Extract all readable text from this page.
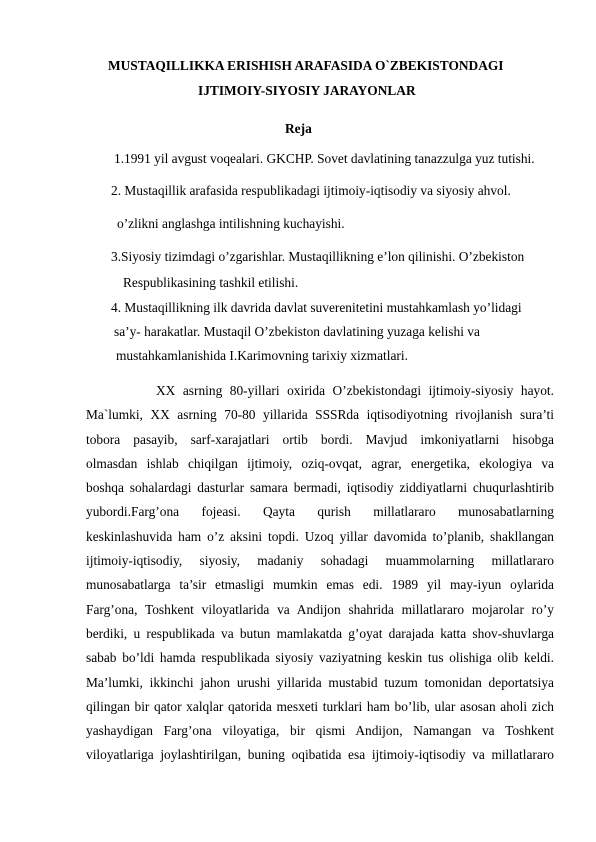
MUSTAQILLIKKA ERISHISH ARAFASIDA O`ZBEKISTONDAGI
IJTIMOIY-SIYOSIY JARAYONLAR
Reja
1.1991 yil avgust voqealari. GKCHP. Sovet davlatining tanazzulga yuz tutishi.
2. Mustaqillik arafasida respublikadagi ijtimoiy-iqtisodiy va siyosiy ahvol.
o’zlikni anglashga intilishning kuchayishi.
3.Siyosiy tizimdagi o’zgarishlar. Mustaqillikning e’lon qilinishi. O’zbekiston
Respublikasining tashkil etilishi.
4. Mustaqillikning ilk davrida davlat suverenitetini mustahkamlash yo’lidagi
sa’y- harakatlar. Mustaqil O’zbekiston davlatining yuzaga kelishi va
mustahkamlanishida I.Karimovning tarixiy xizmatlari.
XX asrning 80-yillari oxirida O’zbekistondagi ijtimoiy-siyosiy hayot.
Ma`lumki, XX asrning 70-80 yillarida SSSRda iqtisodiyotning rivojlanish sura’ti
tobora pasayib, sarf-xarajatlari ortib bordi. Mavjud imkoniyatlarni hisobga
olmasdan ishlab chiqilgan ijtimoiy, oziq-ovqat, agrar, energetika, ekologiya va
boshqa sohalardagi dasturlar samara bermadi, iqtisodiy ziddiyatlarni chuqurlashtirib
yubordi.Farg’ona fojeasi. Qayta qurish millatlararo munosabatlarning
keskinlashuvida ham o’z aksini topdi. Uzoq yillar davomida to’planib, shakllangan
ijtimoiy-iqtisodiy, siyosiy, madaniy sohadagi muammolarning millatlararo
munosabatlarga ta’sir etmasligi mumkin emas edi. 1989 yil may-iyun oylarida
Farg’ona, Toshkent viloyatlarida va Andijon shahrida millatlararo mojarolar ro’y
berdiki, u respublikada va butun mamlakatda g’oyat darajada katta shov-shuvlarga
sabab bo’ldi hamda respublikada siyosiy vaziyatning keskin tus olishiga olib keldi.
Ma’lumki, ikkinchi jahon urushi yillarida mustabid tuzum tomonidan deportatsiya
qilingan bir qator xalqlar qatorida mesxeti turklari ham bo’lib, ular asosan aholi zich
yashaydigan Farg’ona viloyatiga, bir qismi Andijon, Namangan va Toshkent
viloyatlariga joylashtirilgan, buning oqibatida esa ijtimoiy-iqtisodiy va millatlararo
